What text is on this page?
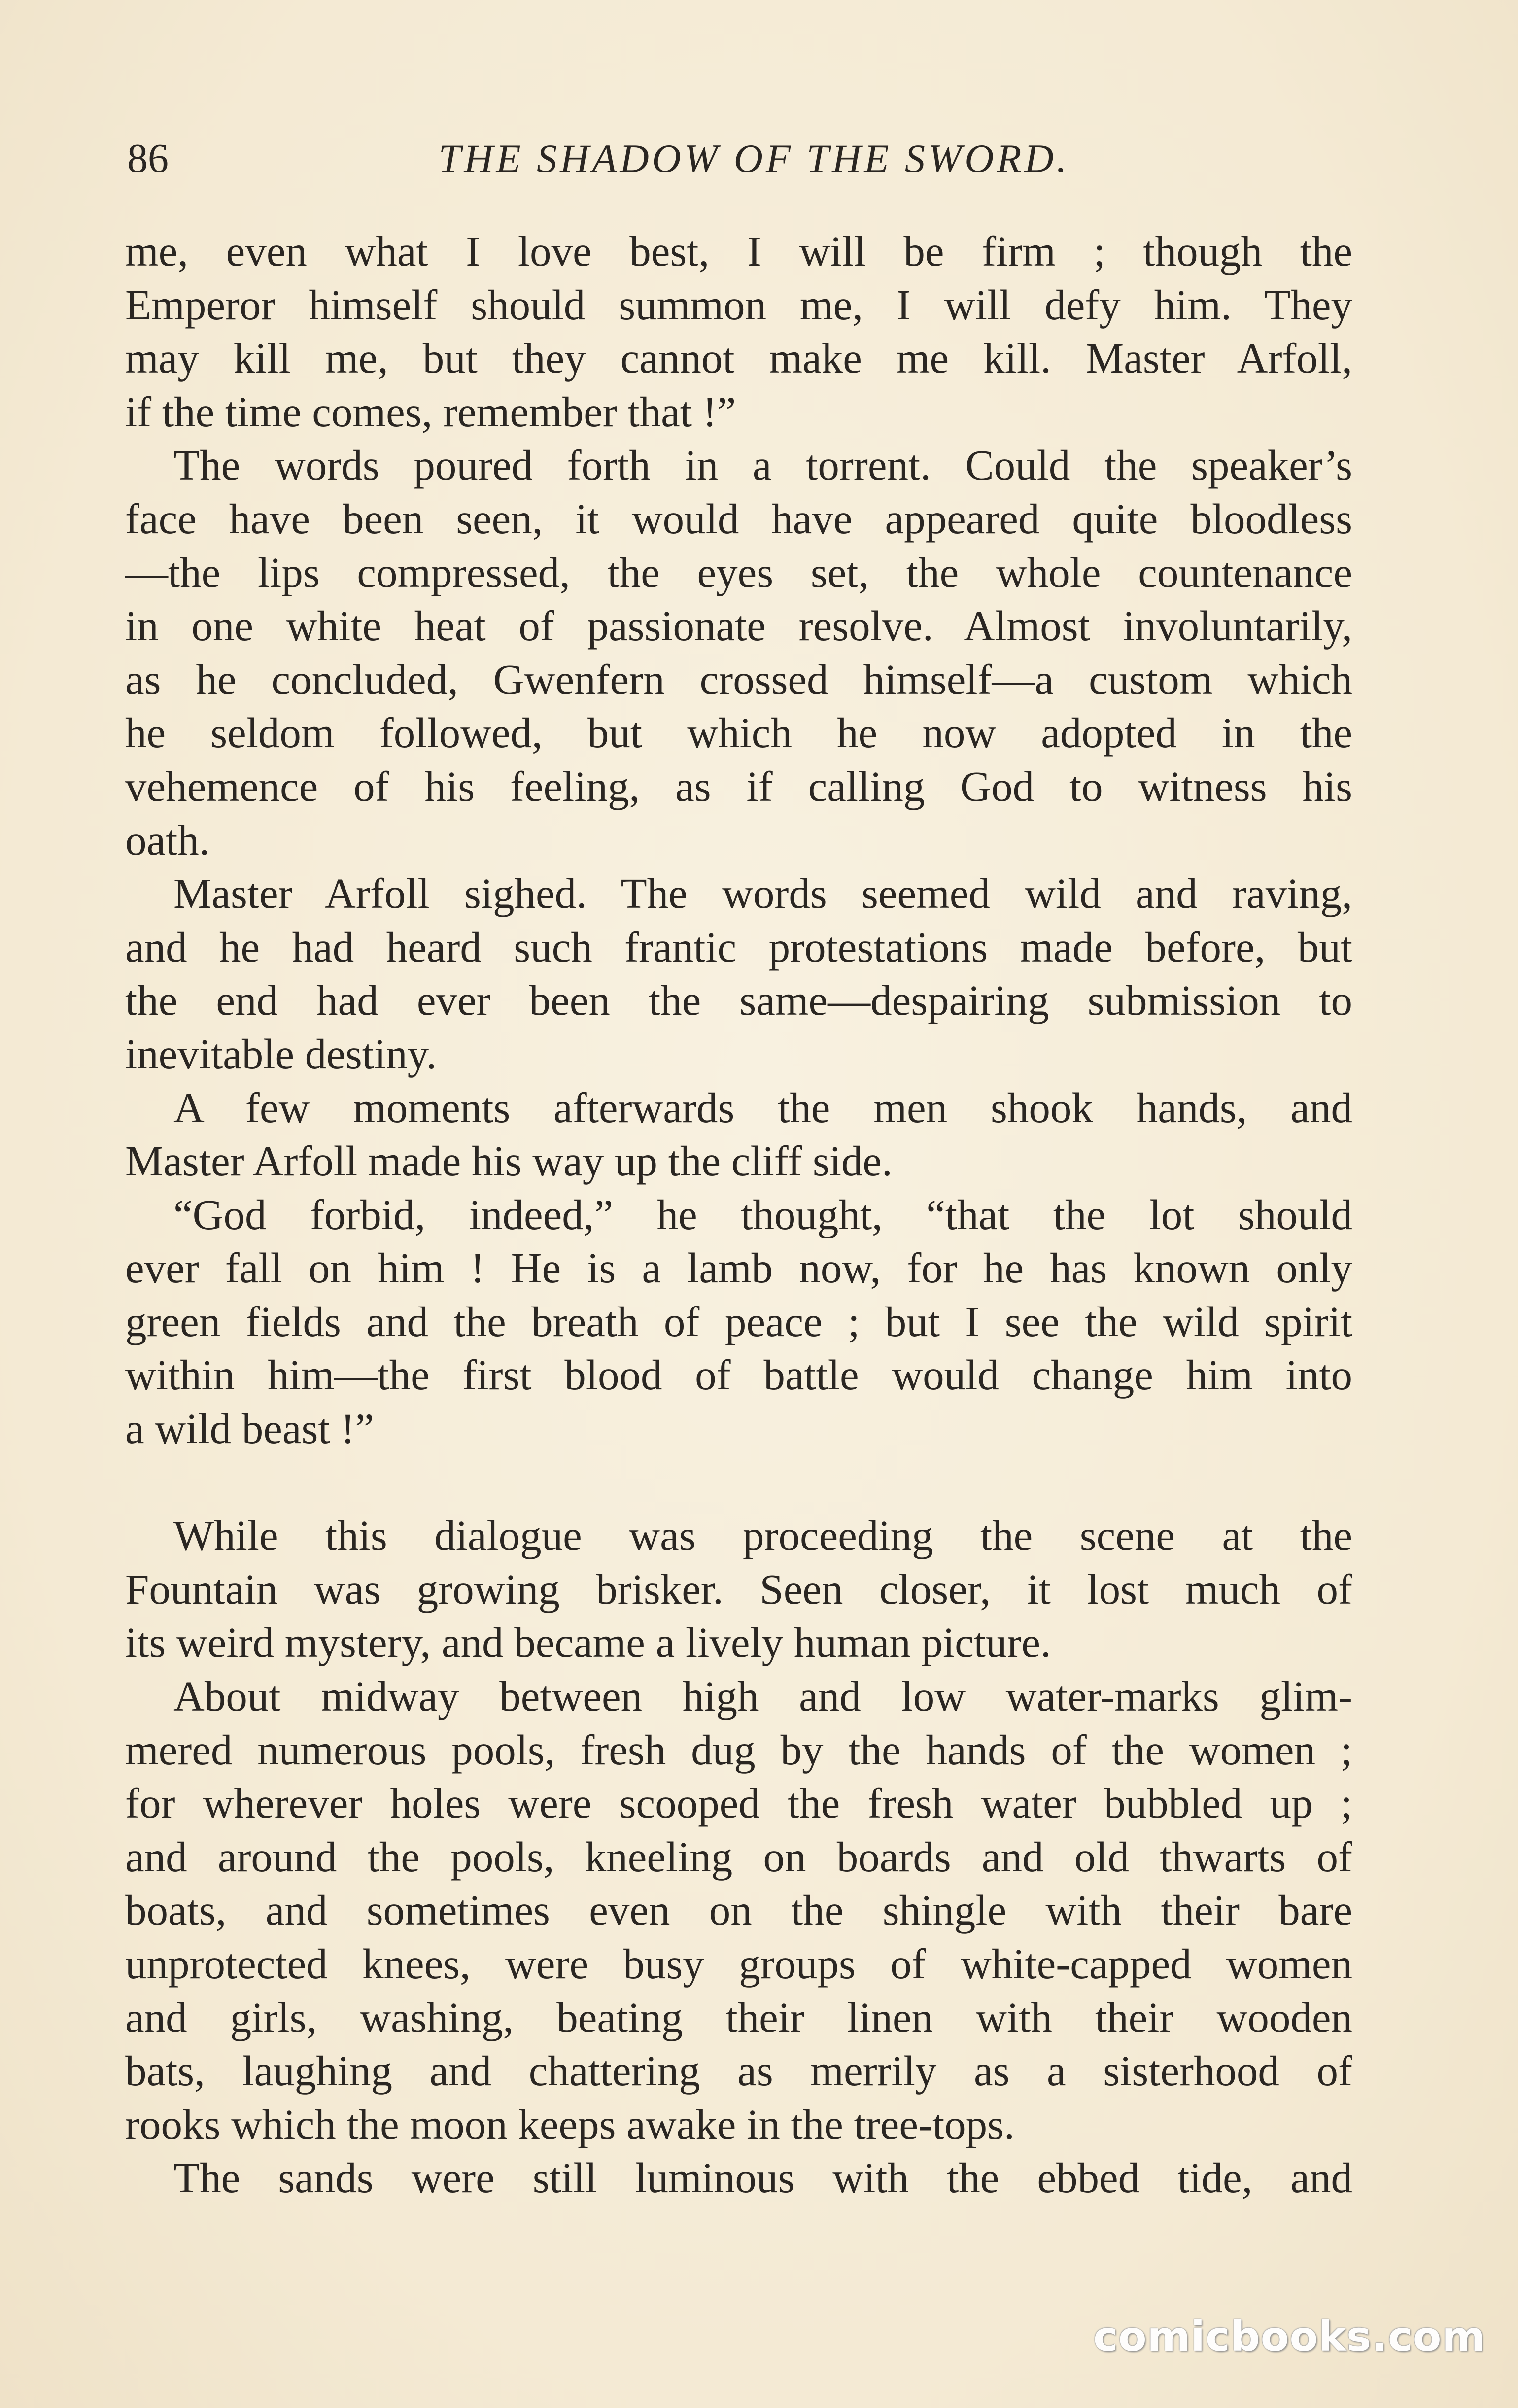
86	THE SHADOW OF THE SWORD.
me, even what I love best, I will be firm ; though the
Emperor himself should summon me, I will defy him. They
may kill me, but they cannot make me kill. Master Arfoll,
if the time comes, remember that !”
The words poured forth in a torrent. Could the speaker’s
face have been seen, it would have appeared quite bloodless
—the lips compressed, the eyes set, the whole countenance
in one white heat of passionate resolve. Almost involuntarily,
as he concluded, Gwenfern crossed himself—a custom which
he seldom followed, but which he now adopted in the
vehemence of his feeling, as if calling God to witness his
oath.
Master Arfoll sighed. The words seemed wild and raving,
and he had heard such frantic protestations made before, but
the end had ever been the same—despairing submission to
inevitable destiny.
A few moments afterwards the men shook hands, and
Master Arfoll made his way up the cliff side.
“God forbid, indeed,” he thought, “that the lot should
ever fall on him ! He is a lamb now, for he has known only
green fields and the breath of peace ; but I see the wild spirit
within him—the first blood of battle would change him into
a wild beast !”
While this dialogue was proceeding the scene at the
Fountain was growing brisker. Seen closer, it lost much of
its weird mystery, and became a lively human picture.
About midway between high and low water-marks glim-
mered numerous pools, fresh dug by the hands of the women ;
for wherever holes were scooped the fresh water bubbled up ;
and around the pools, kneeling on boards and old thwarts of
boats, and sometimes even on the shingle with their bare
unprotected knees, were busy groups of white-capped women
and girls, washing, beating their linen with their wooden
bats, laughing and chattering as merrily as a sisterhood of
rooks which the moon keeps awake in the tree-tops.
The sands were still luminous with the ebbed tide, and
comicbooks.com
